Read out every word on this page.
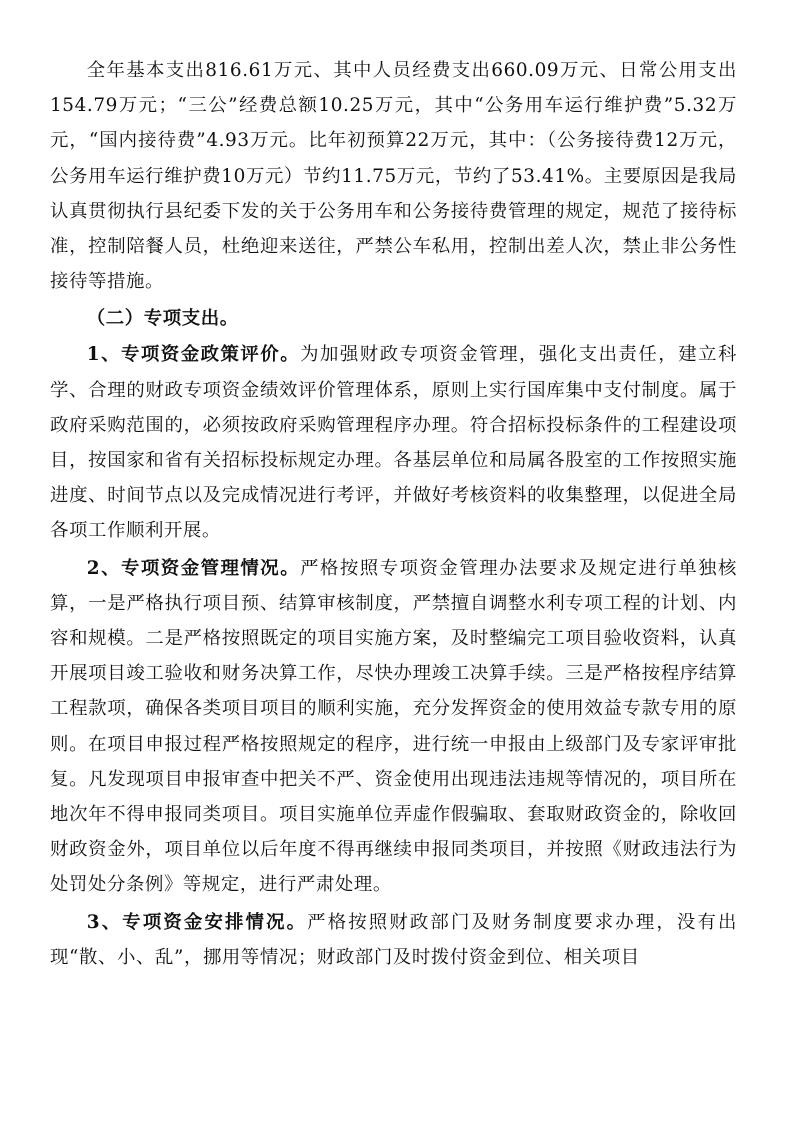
全年基本支出816.61万元、其中人员经费支出660.09万元、日常公用支出154.79万元；“三公”经费总额10.25万元，其中“公务用车运行维护费”5.32万元，“国内接待费”4.93万元。比年初预算22万元，其中：（公务接待费12万元，公务用车运行维护费10万元）节约11.75万元，节约了53.41%。主要原因是我局认真贯彻执行县纪委下发的关于公务用车和公务接待费管理的规定，规范了接待标准，控制陪餐人员，杜绝迎来送往，严禁公车私用，控制出差人次，禁止非公务性接待等措施。

（二）专项支出。

1、专项资金政策评价。为加强财政专项资金管理，强化支出责任，建立科学、合理的财政专项资金绩效评价管理体系，原则上实行国库集中支付制度。属于政府采购范围的，必须按政府采购管理程序办理。符合招标投标条件的工程建设项目，按国家和省有关招标投标规定办理。各基层单位和局属各股室的工作按照实施进度、时间节点以及完成情况进行考评，并做好考核资料的收集整理，以促进全局各项工作顺利开展。

2、专项资金管理情况。严格按照专项资金管理办法要求及规定进行单独核算，一是严格执行项目预、结算审核制度，严禁擅自调整水利专项工程的计划、内容和规模。二是严格按照既定的项目实施方案，及时整编完工项目验收资料，认真开展项目竣工验收和财务决算工作，尽快办理竣工决算手续。三是严格按程序结算工程款项，确保各类项目项目的顺利实施，充分发挥资金的使用效益专款专用的原则。在项目申报过程严格按照规定的程序，进行统一申报由上级部门及专家评审批复。凡发现项目申报审查中把关不严、资金使用出现违法违规等情况的，项目所在地次年不得申报同类项目。项目实施单位弄虚作假骗取、套取财政资金的，除收回财政资金外，项目单位以后年度不得再继续申报同类项目，并按照《财政违法行为处罚处分条例》等规定，进行严肃处理。

3、专项资金安排情况。严格按照财政部门及财务制度要求办理，没有出现“散、小、乱”，挪用等情况；财政部门及时拨付资金到位、相关项目
